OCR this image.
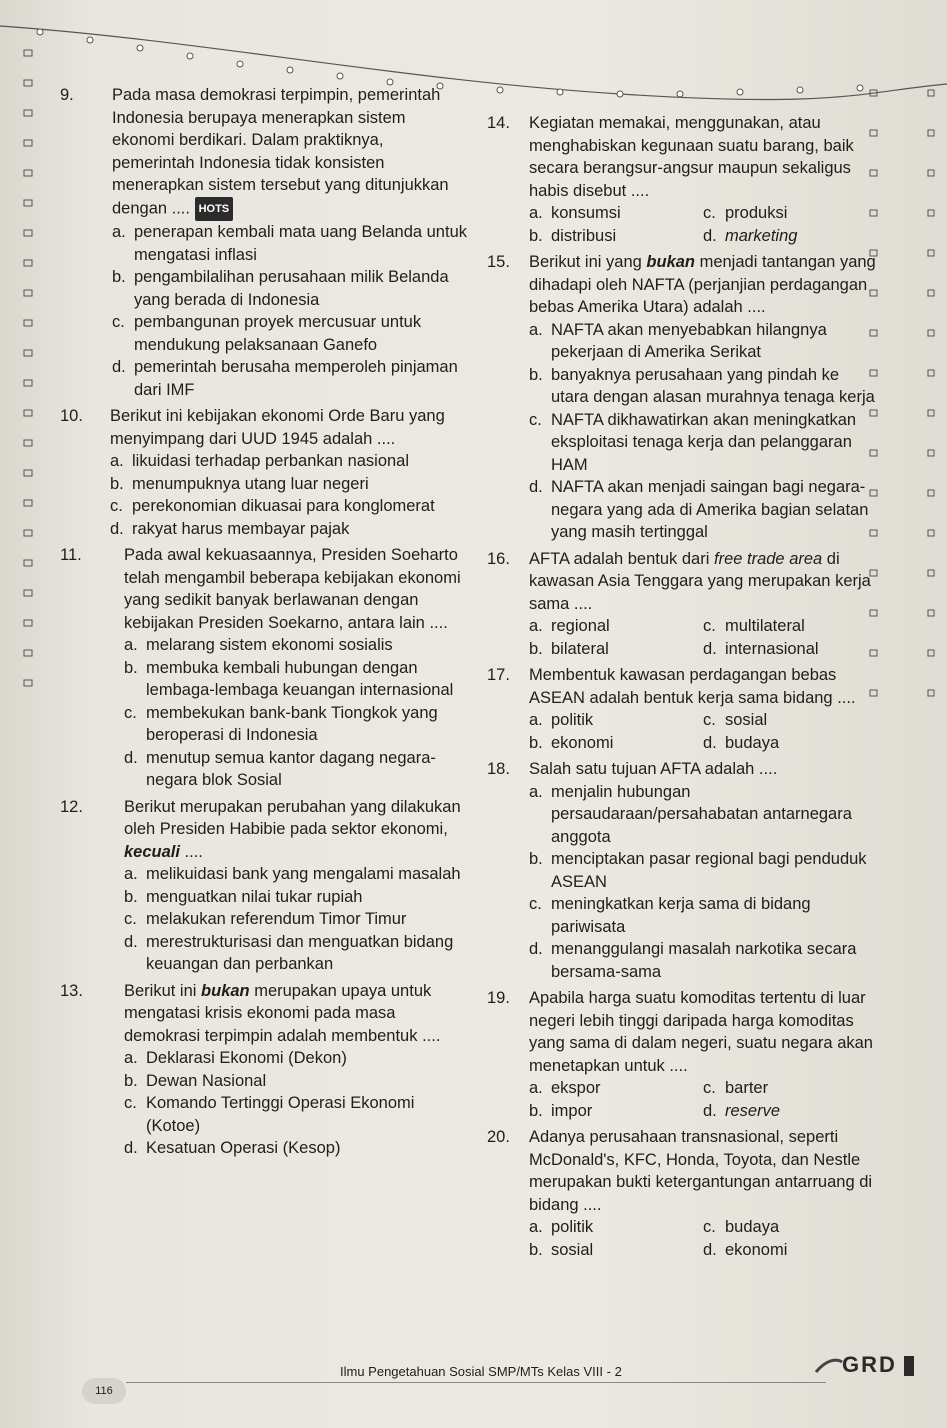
9.	Pada masa demokrasi terpimpin, pemerintah Indonesia berupaya menerapkan sistem ekonomi berdikari. Dalam praktiknya, pemerintah Indonesia tidak konsisten menerapkan sistem tersebut yang ditunjukkan dengan .... HOTS
a. penerapan kembali mata uang Belanda untuk mengatasi inflasi
b. pengambilalihan perusahaan milik Belanda yang berada di Indonesia
c. pembangunan proyek mercusuar untuk mendukung pelaksanaan Ganefo
d. pemerintah berusaha memperoleh pinjaman dari IMF
10.	Berikut ini kebijakan ekonomi Orde Baru yang menyimpang dari UUD 1945 adalah ....
a. likuidasi terhadap perbankan nasional
b. menumpuknya utang luar negeri
c. perekonomian dikuasai para konglomerat
d. rakyat harus membayar pajak
11.	Pada awal kekuasaannya, Presiden Soeharto telah mengambil beberapa kebijakan ekonomi yang sedikit banyak berlawanan dengan kebijakan Presiden Soekarno, antara lain ....
a. melarang sistem ekonomi sosialis
b. membuka kembali hubungan dengan lembaga-lembaga keuangan internasional
c. membekukan bank-bank Tiongkok yang beroperasi di Indonesia
d. menutup semua kantor dagang negara-negara blok Sosial
12.	Berikut merupakan perubahan yang dilakukan oleh Presiden Habibie pada sektor ekonomi, kecuali ....
a. melikuidasi bank yang mengalami masalah
b. menguatkan nilai tukar rupiah
c. melakukan referendum Timor Timur
d. merestrukturisasi dan menguatkan bidang keuangan dan perbankan
13.	Berikut ini bukan merupakan upaya untuk mengatasi krisis ekonomi pada masa demokrasi terpimpin adalah membentuk ....
a. Deklarasi Ekonomi (Dekon)
b. Dewan Nasional
c. Komando Tertinggi Operasi Ekonomi (Kotoe)
d. Kesatuan Operasi (Kesop)
14.	Kegiatan memakai, menggunakan, atau menghabiskan kegunaan suatu barang, baik secara berangsur-angsur maupun sekaligus habis disebut ....
a. konsumsi	c. produksi
b. distribusi	d. marketing
15.	Berikut ini yang bukan menjadi tantangan yang dihadapi oleh NAFTA (perjanjian perdagangan bebas Amerika Utara) adalah ....
a. NAFTA akan menyebabkan hilangnya pekerjaan di Amerika Serikat
b. banyaknya perusahaan yang pindah ke utara dengan alasan murahnya tenaga kerja
c. NAFTA dikhawatirkan akan meningkatkan eksploitasi tenaga kerja dan pelanggaran HAM
d. NAFTA akan menjadi saingan bagi negara-negara yang ada di Amerika bagian selatan yang masih tertinggal
16.	AFTA adalah bentuk dari free trade area di kawasan Asia Tenggara yang merupakan kerja sama ....
a. regional	c. multilateral
b. bilateral	d. internasional
17.	Membentuk kawasan perdagangan bebas ASEAN adalah bentuk kerja sama bidang ....
a. politik	c. sosial
b. ekonomi	d. budaya
18.	Salah satu tujuan AFTA adalah ....
a. menjalin hubungan persaudaraan/persahabatan antarnegara anggota
b. menciptakan pasar regional bagi penduduk ASEAN
c. meningkatkan kerja sama di bidang pariwisata
d. menanggulangi masalah narkotika secara bersama-sama
19.	Apabila harga suatu komoditas tertentu di luar negeri lebih tinggi daripada harga komoditas yang sama di dalam negeri, suatu negara akan menetapkan untuk ....
a. ekspor	c. barter
b. impor	d. reserve
20.	Adanya perusahaan transnasional, seperti McDonald's, KFC, Honda, Toyota, dan Nestle merupakan bukti ketergantungan antarruang di bidang ....
a. politik	c. budaya
b. sosial	d. ekonomi
116
Ilmu Pengetahuan Sosial SMP/MTs Kelas VIII - 2	GRD
